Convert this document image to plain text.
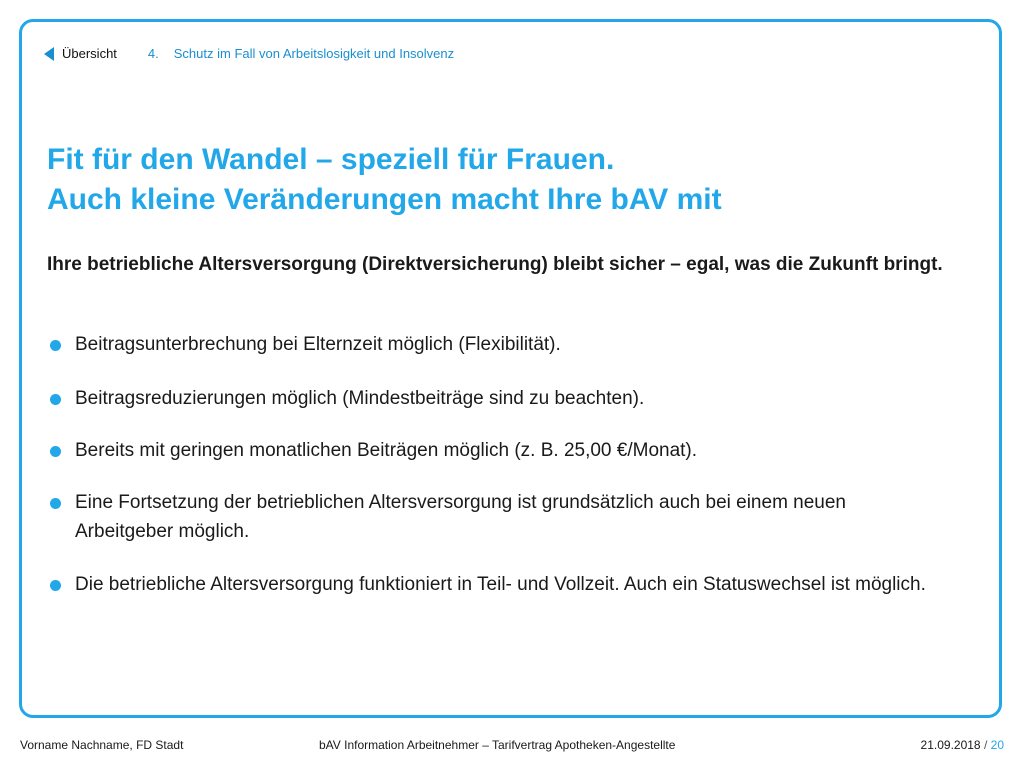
Übersicht 4. Schutz im Fall von Arbeitslosigkeit und Insolvenz
Fit für den Wandel – speziell für Frauen.
Auch kleine Veränderungen macht Ihre bAV mit

Ihre betriebliche Altersversorgung (Direktversicherung) bleibt sicher – egal, was die Zukunft bringt.

Beitragsunterbrechung bei Elternzeit möglich (Flexibilität).
Beitragsreduzierungen möglich (Mindestbeiträge sind zu beachten).
Bereits mit geringen monatlichen Beiträgen möglich (z. B. 25,00 €/Monat).
Eine Fortsetzung der betrieblichen Altersversorgung ist grundsätzlich auch bei einem neuen Arbeitgeber möglich.
Die betriebliche Altersversorgung funktioniert in Teil- und Vollzeit. Auch ein Statuswechsel ist möglich.
Vorname Nachname, FD Stadt	bAV Information Arbeitnehmer – Tarifvertrag Apotheken-Angestellte	21.09.2018 / 20
